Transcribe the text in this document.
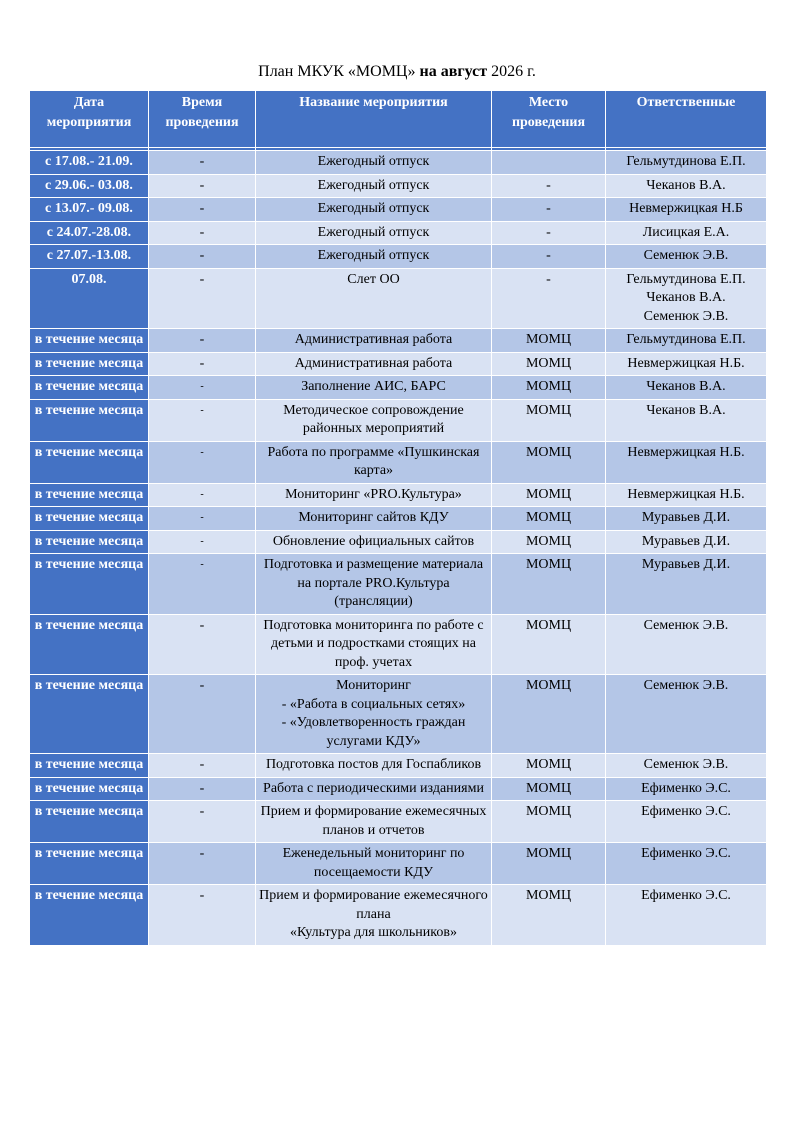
План МКУК «МОМЦ» на август 2026 г.
Дата мероприятия	Время проведения	Название мероприятия	Место проведения	Ответственные

с 17.08.- 21.09.	-	Ежегодный отпуск		Гельмутдинова Е.П.
с 29.06.- 03.08.	-	Ежегодный отпуск	-	Чеканов В.А.
с 13.07.- 09.08.	-	Ежегодный отпуск	-	Невмержицкая Н.Б
с 24.07.-28.08.	-	Ежегодный отпуск	-	Лисицкая Е.А.
с 27.07.-13.08.	-	Ежегодный отпуск	-	Семенюк Э.В.
07.08.	-	Слет ОО	-	Гельмутдинова Е.П.
Чеканов В.А.
Семенюк Э.В.
в течение месяца	-	Административная работа	МОМЦ	Гельмутдинова Е.П.
в течение месяца	-	Административная работа	МОМЦ	Невмержицкая Н.Б.
в течение месяца	-	Заполнение АИС, БАРС	МОМЦ	Чеканов В.А.
в течение месяца	-	Методическое сопровождение районных мероприятий	МОМЦ	Чеканов В.А.
в течение месяца	-	Работа по программе «Пушкинская карта»	МОМЦ	Невмержицкая Н.Б.
в течение месяца	-	Мониторинг «PRO.Культура»	МОМЦ	Невмержицкая Н.Б.
в течение месяца	-	Мониторинг сайтов КДУ	МОМЦ	Муравьев Д.И.
в течение месяца	-	Обновление официальных сайтов	МОМЦ	Муравьев Д.И.
в течение месяца	-	Подготовка и размещение материала на портале PRO.Культура (трансляции)	МОМЦ	Муравьев Д.И.
в течение месяца	-	Подготовка мониторинга по работе с детьми и подростками стоящих на проф. учетах	МОМЦ	Семенюк Э.В.
в течение месяца	-	Мониторинг
- «Работа в социальных сетях»
- «Удовлетворенность граждан услугами КДУ»	МОМЦ	Семенюк Э.В.
в течение месяца	-	Подготовка постов для Госпабликов	МОМЦ	Семенюк Э.В.
в течение месяца	-	Работа с периодическими изданиями	МОМЦ	Ефименко Э.С.
в течение месяца	-	Прием и формирование ежемесячных планов и отчетов	МОМЦ	Ефименко Э.С.
в течение месяца	-	Еженедельный мониторинг по посещаемости КДУ	МОМЦ	Ефименко Э.С.
в течение месяца	-	Прием и формирование ежемесячного плана
«Культура для школьников»	МОМЦ	Ефименко Э.С.
